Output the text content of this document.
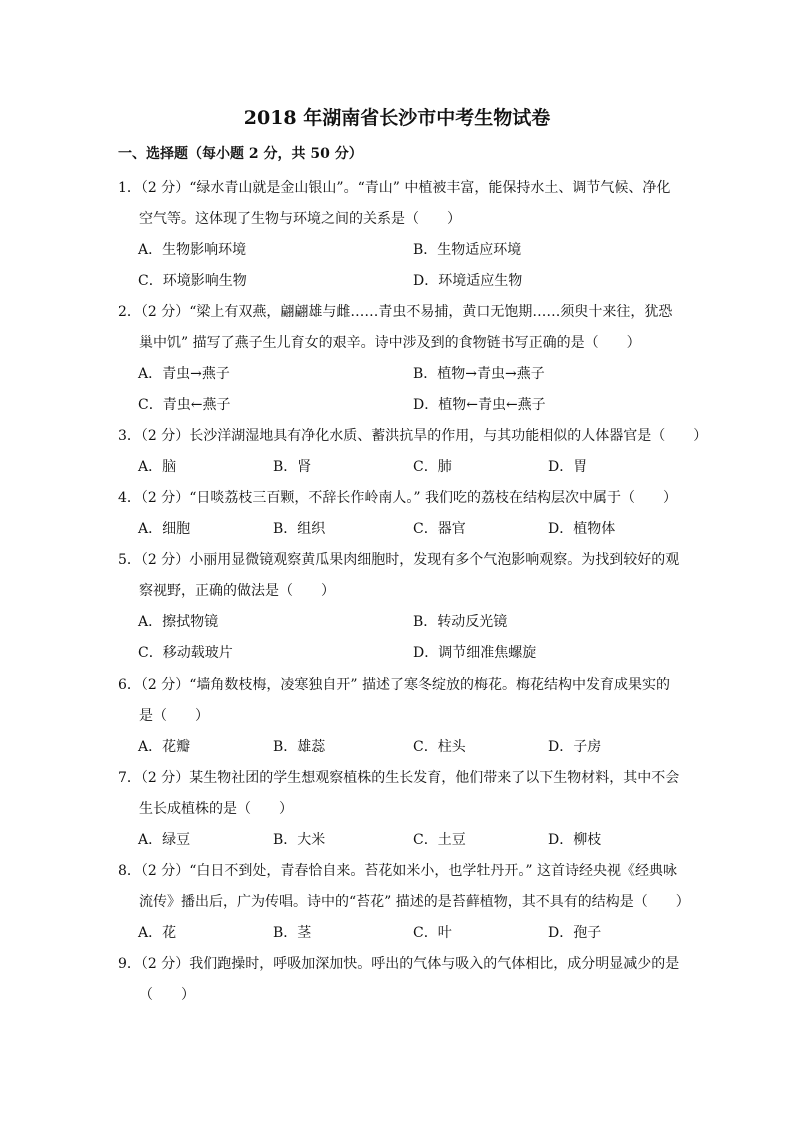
2018 年湖南省长沙市中考生物试卷
一、选择题（每小题 2 分，共 50 分）
1．（2 分）“绿水青山就是金山银山”。“青山” 中植被丰富，能保持水土、调节气候、净化
空气等。这体现了生物与环境之间的关系是（　　）
A．生物影响环境	B．生物适应环境
C．环境影响生物	D．环境适应生物
2．（2 分）“梁上有双燕，翩翩雄与雌……青虫不易捕，黄口无饱期……须臾十来往，犹恐
巢中饥” 描写了燕子生儿育女的艰辛。诗中涉及到的食物链书写正确的是（　　）
A．青虫→燕子	B．植物→青虫→燕子
C．青虫←燕子	D．植物←青虫←燕子
3．（2 分）长沙洋湖湿地具有净化水质、蓄洪抗旱的作用，与其功能相似的人体器官是（　　）
A．脑	B．肾	C．肺	D．胃
4．（2 分）“日啖荔枝三百颗，不辞长作岭南人。” 我们吃的荔枝在结构层次中属于（　　）
A．细胞	B．组织	C．器官	D．植物体
5．（2 分）小丽用显微镜观察黄瓜果肉细胞时，发现有多个气泡影响观察。为找到较好的观
察视野，正确的做法是（　　）
A．擦拭物镜	B．转动反光镜
C．移动载玻片	D．调节细准焦螺旋
6．（2 分）“墙角数枝梅，凌寒独自开” 描述了寒冬绽放的梅花。梅花结构中发育成果实的
是（　　）
A．花瓣	B．雄蕊	C．柱头	D．子房
7．（2 分）某生物社团的学生想观察植株的生长发育，他们带来了以下生物材料，其中不会
生长成植株的是（　　）
A．绿豆	B．大米	C．土豆	D．柳枝
8．（2 分）“白日不到处，青春恰自来。苔花如米小，也学牡丹开。” 这首诗经央视《经典咏
流传》播出后，广为传唱。诗中的“苔花” 描述的是苔藓植物，其不具有的结构是（　　）
A．花	B．茎	C．叶	D．孢子
9．（2 分）我们跑操时，呼吸加深加快。呼出的气体与吸入的气体相比，成分明显减少的是
（　　）
